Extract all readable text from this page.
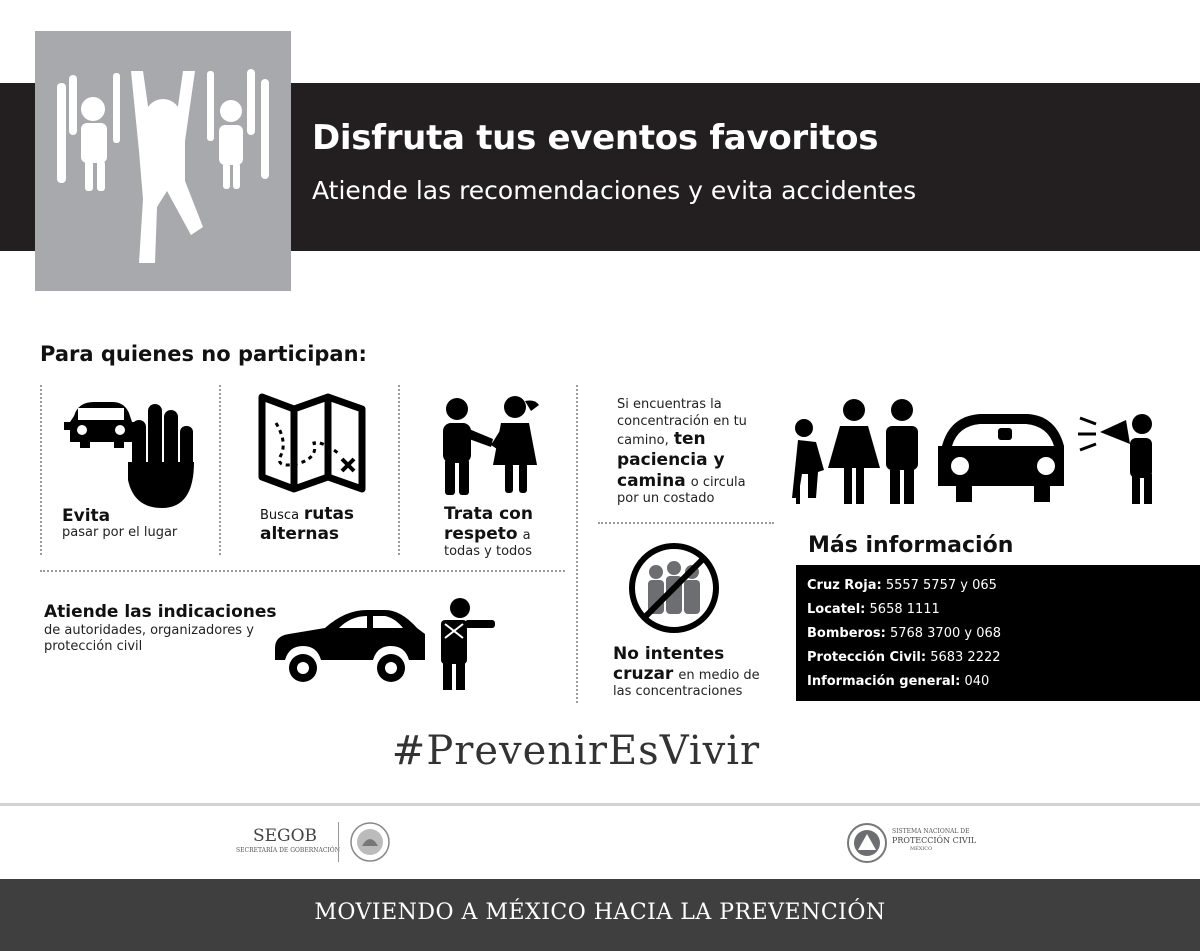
Disfruta tus eventos favoritos
Atiende las recomendaciones y evita accidentes
Para quienes no participan:
Evita
pasar por el lugar
Busca rutas
alternas
Trata con
respeto a
todas y todos
Atiende las indicaciones
de autoridades, organizadores y
protección civil
Si encuentras la
concentración en tu
camino, ten
paciencia y
camina o circula
por un costado
No intentes
cruzar en medio de
las concentraciones
Más información
Cruz Roja: 5557 5757 y 065
Locatel: 5658 1111
Bomberos: 5768 3700 y 068
Protección Civil: 5683 2222
Información general: 040
#PrevenirEsVivir
SEGOB
SECRETARÍA DE GOBERNACIÓN
SISTEMA NACIONAL DE
PROTECCIÓN CIVIL
MÉXICO
MOVIENDO A MÉXICO HACIA LA PREVENCIÓN
